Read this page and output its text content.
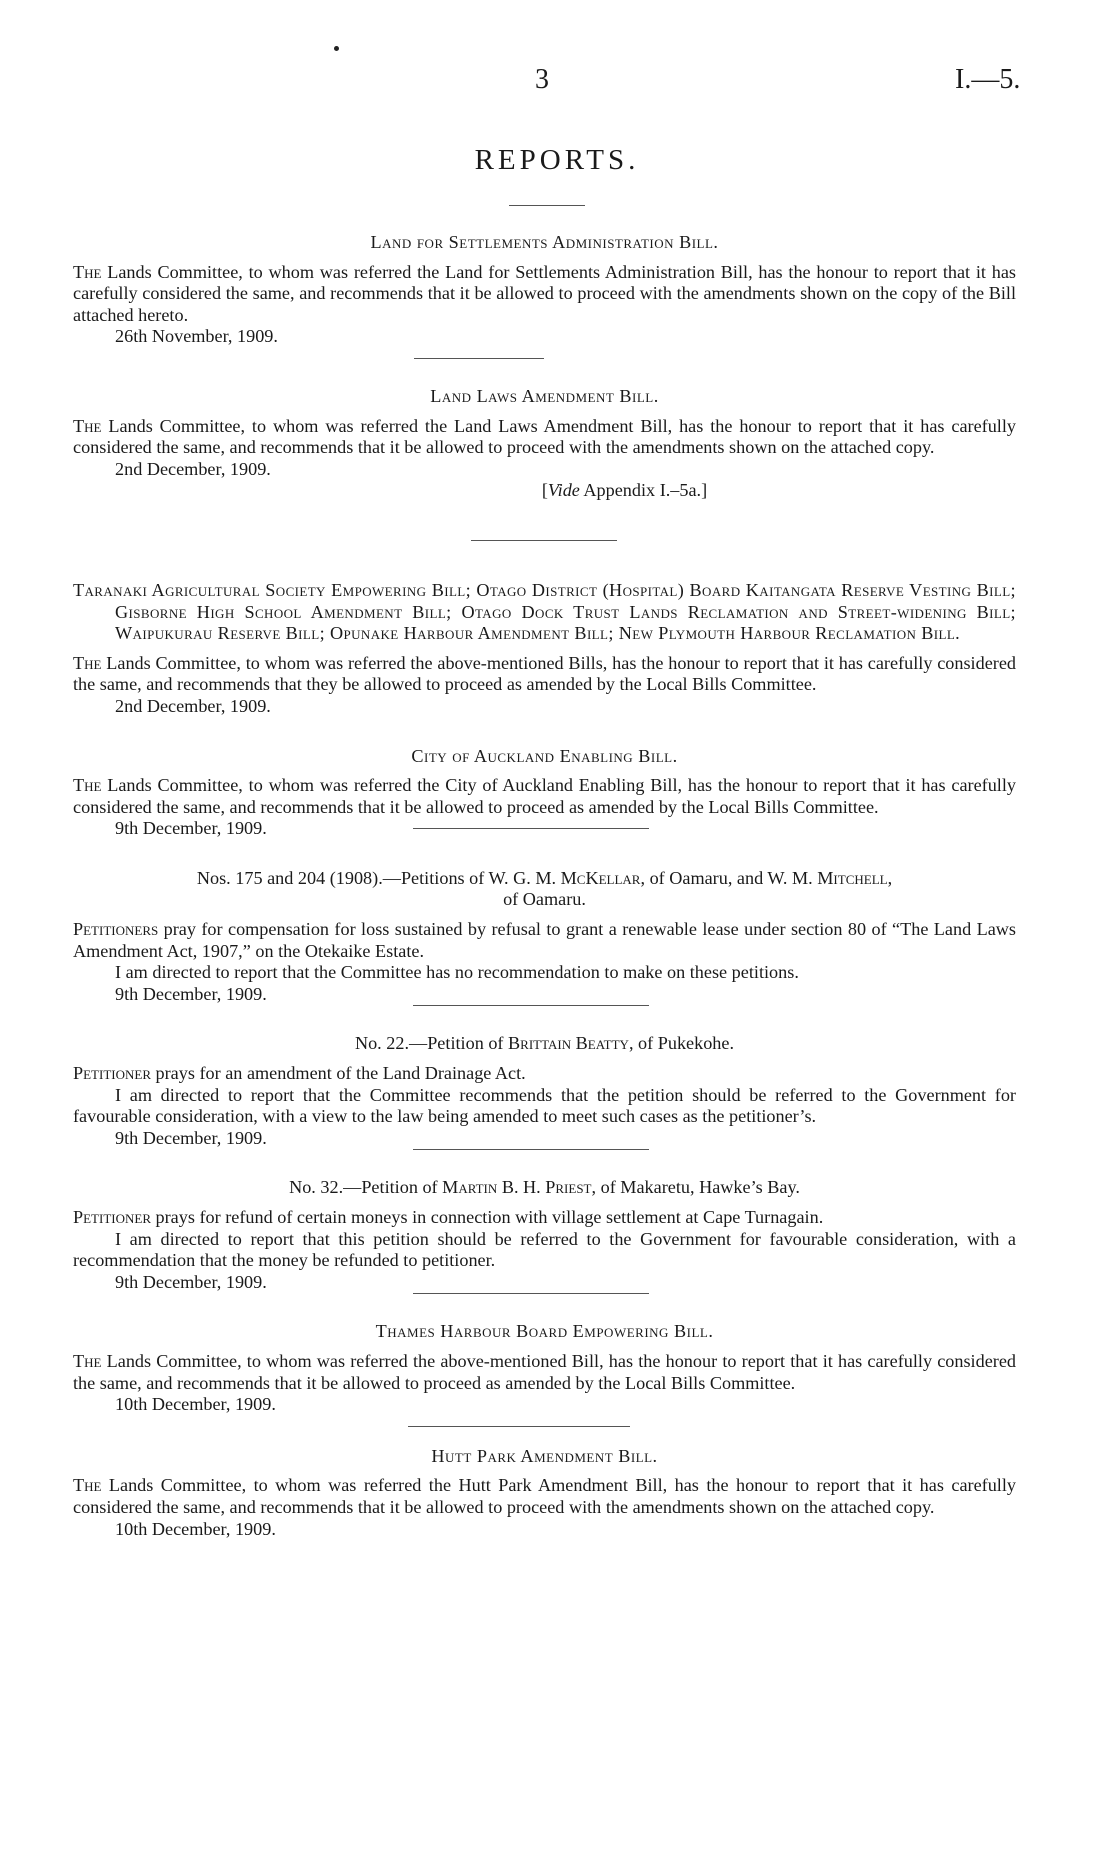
3	I.—5.
REPORTS.

Land for Settlements Administration Bill.

The Lands Committee, to whom was referred the Land for Settlements Administration Bill, has the honour to report that it has carefully considered the same, and recommends that it be allowed to proceed with the amendments shown on the copy of the Bill attached hereto.

26th November, 1909.

Land Laws Amendment Bill.

The Lands Committee, to whom was referred the Land Laws Amendment Bill, has the honour to report that it has carefully considered the same, and recommends that it be allowed to proceed with the amendments shown on the attached copy.

2nd December, 1909.

[Vide Appendix I.–5a.]

Taranaki Agricultural Society Empowering Bill; Otago District (Hospital) Board Kaitangata Reserve Vesting Bill; Gisborne High School Amendment Bill; Otago Dock Trust Lands Reclamation and Street-widening Bill; Waipukurau Reserve Bill; Opunake Harbour Amendment Bill; New Plymouth Harbour Reclamation Bill.

The Lands Committee, to whom was referred the above-mentioned Bills, has the honour to report that it has carefully considered the same, and recommends that they be allowed to proceed as amended by the Local Bills Committee.

2nd December, 1909.

City of Auckland Enabling Bill.

The Lands Committee, to whom was referred the City of Auckland Enabling Bill, has the honour to report that it has carefully considered the same, and recommends that it be allowed to proceed as amended by the Local Bills Committee.

9th December, 1909.

Nos. 175 and 204 (1908).—Petitions of W. G. M. McKellar, of Oamaru, and W. M. Mitchell,

of Oamaru.

Petitioners pray for compensation for loss sustained by refusal to grant a renewable lease under section 80 of “The Land Laws Amendment Act, 1907,” on the Otekaike Estate.

I am directed to report that the Committee has no recommendation to make on these petitions.

9th December, 1909.

No. 22.—Petition of Brittain Beatty, of Pukekohe.

Petitioner prays for an amendment of the Land Drainage Act.

I am directed to report that the Committee recommends that the petition should be referred to the Government for favourable consideration, with a view to the law being amended to meet such cases as the petitioner’s.

9th December, 1909.

No. 32.—Petition of Martin B. H. Priest, of Makaretu, Hawke’s Bay.

Petitioner prays for refund of certain moneys in connection with village settlement at Cape Turnagain.

I am directed to report that this petition should be referred to the Government for favourable consideration, with a recommendation that the money be refunded to petitioner.

9th December, 1909.

Thames Harbour Board Empowering Bill.

The Lands Committee, to whom was referred the above-mentioned Bill, has the honour to report that it has carefully considered the same, and recommends that it be allowed to proceed as amended by the Local Bills Committee.

10th December, 1909.

Hutt Park Amendment Bill.

The Lands Committee, to whom was referred the Hutt Park Amendment Bill, has the honour to report that it has carefully considered the same, and recommends that it be allowed to proceed with the amendments shown on the attached copy.

10th December, 1909.
